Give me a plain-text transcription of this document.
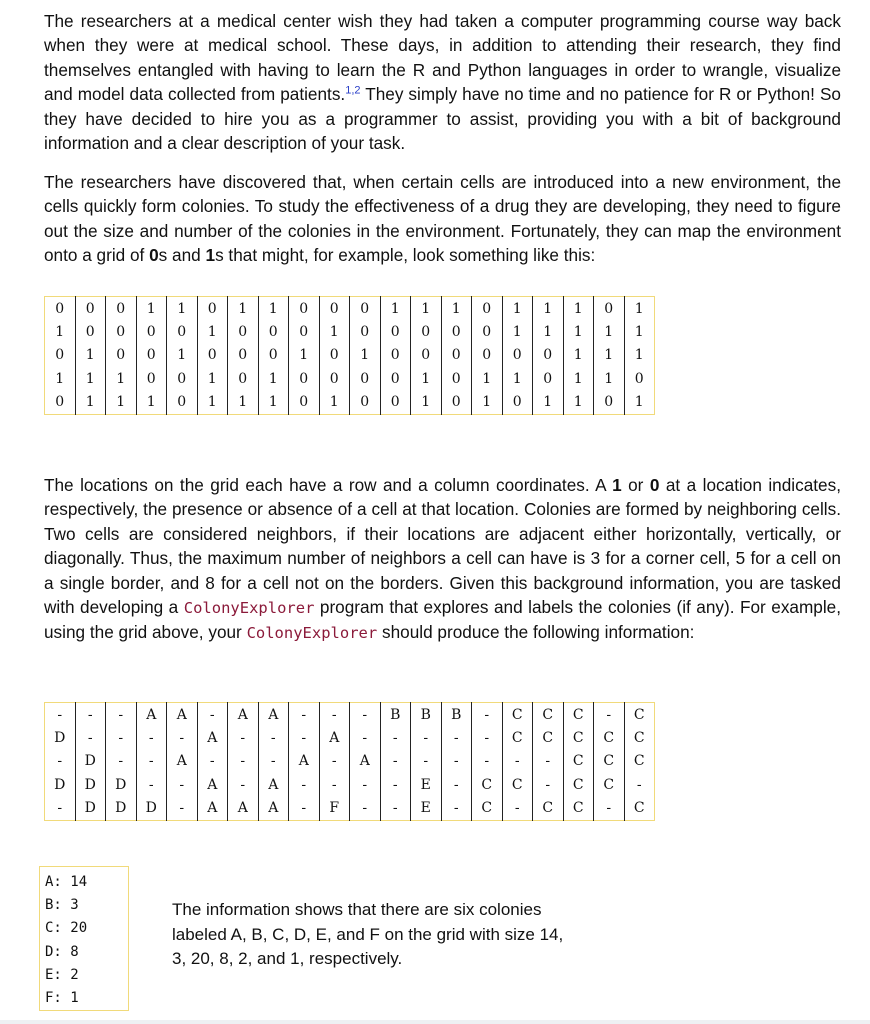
The researchers at a medical center wish they had taken a computer programming course way back when they were at medical school. These days, in addition to attending their research, they find themselves entangled with having to learn the R and Python languages in order to wrangle, visualize and model data collected from patients.$^{1,2}$ They simply have no time and no patience for R or Python! So they have decided to hire you as a programmer to assist, providing you with a bit of background information and a clear description of your task.

The researchers have discovered that, when certain cells are introduced into a new environment, the cells quickly form colonies. To study the effectiveness of a drug they are developing, they need to figure out the size and number of the colonies in the environment. Fortunately, they can map the environment onto a grid of 0s and 1s that might, for example, look something like this:

0	0	0	1	1	0	1	1	0	0	0	1	1	1	0	1	1	1	0	1
1	0	0	0	0	1	0	0	0	1	0	0	0	0	0	1	1	1	1	1
0	1	0	0	1	0	0	0	1	0	1	0	0	0	0	0	0	1	1	1
1	1	1	0	0	1	0	1	0	0	0	0	1	0	1	1	0	1	1	0
0	1	1	1	0	1	1	1	0	1	0	0	1	0	1	0	1	1	0	1

The locations on the grid each have a row and a column coordinates. A 1 or 0 at a location indicates, respectively, the presence or absence of a cell at that location. Colonies are formed by neighboring cells. Two cells are considered neighbors, if their locations are adjacent either horizontally, vertically, or diagonally. Thus, the maximum number of neighbors a cell can have is 3 for a corner cell, 5 for a cell on a single border, and 8 for a cell not on the borders. Given this background information, you are tasked with developing a ColonyExplorer program that explores and labels the colonies (if any). For example, using the grid above, your ColonyExplorer should produce the following information:

-	-	-	A	A	-	A	A	-	-	-	B	B	B	-	C	C	C	-	C
D	-	-	-	-	A	-	-	-	A	-	-	-	-	-	C	C	C	C	C
-	D	-	-	A	-	-	-	A	-	A	-	-	-	-	-	-	C	C	C
D	D	D	-	-	A	-	A	-	-	-	-	E	-	C	C	-	C	C	-
-	D	D	D	-	A	A	A	-	F	-	-	E	-	C	-	C	C	-	C
A: 14
B: 3
C: 20
D: 8
E: 2
F: 1

The information shows that there are six colonies labeled A, B, C, D, E, and F on the grid with size 14, 3, 20, 8, 2, and 1, respectively.
